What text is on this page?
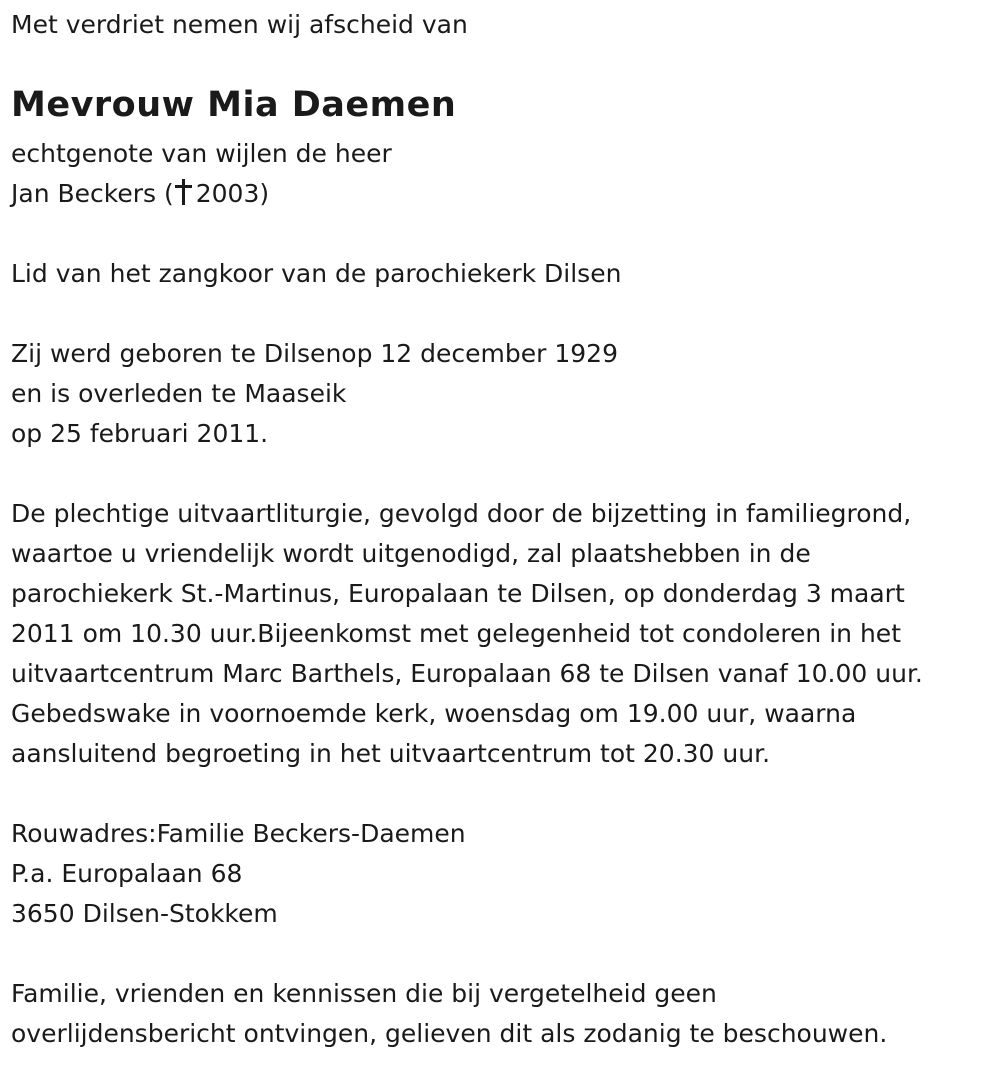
Met verdriet nemen wij afscheid van
Mevrouw Mia Daemen
echtgenote van wijlen de heer
Jan Beckers ( 2003)
Lid van het zangkoor van de parochiekerk Dilsen
Zij werd geboren te Dilsenop 12 december 1929
en is overleden te Maaseik
op 25 februari 2011.
De plechtige uitvaartliturgie, gevolgd door de bijzetting in familiegrond,
waartoe u vriendelijk wordt uitgenodigd, zal plaatshebben in de
parochiekerk St.-Martinus, Europalaan te Dilsen, op donderdag 3 maart
2011 om 10.30 uur.Bijeenkomst met gelegenheid tot condoleren in het
uitvaartcentrum Marc Barthels, Europalaan 68 te Dilsen vanaf 10.00 uur.
Gebedswake in voornoemde kerk, woensdag om 19.00 uur, waarna
aansluitend begroeting in het uitvaartcentrum tot 20.30 uur.
Rouwadres:Familie Beckers-Daemen
P.a. Europalaan 68
3650 Dilsen-Stokkem
Familie, vrienden en kennissen die bij vergetelheid geen
overlijdensbericht ontvingen, gelieven dit als zodanig te beschouwen.
